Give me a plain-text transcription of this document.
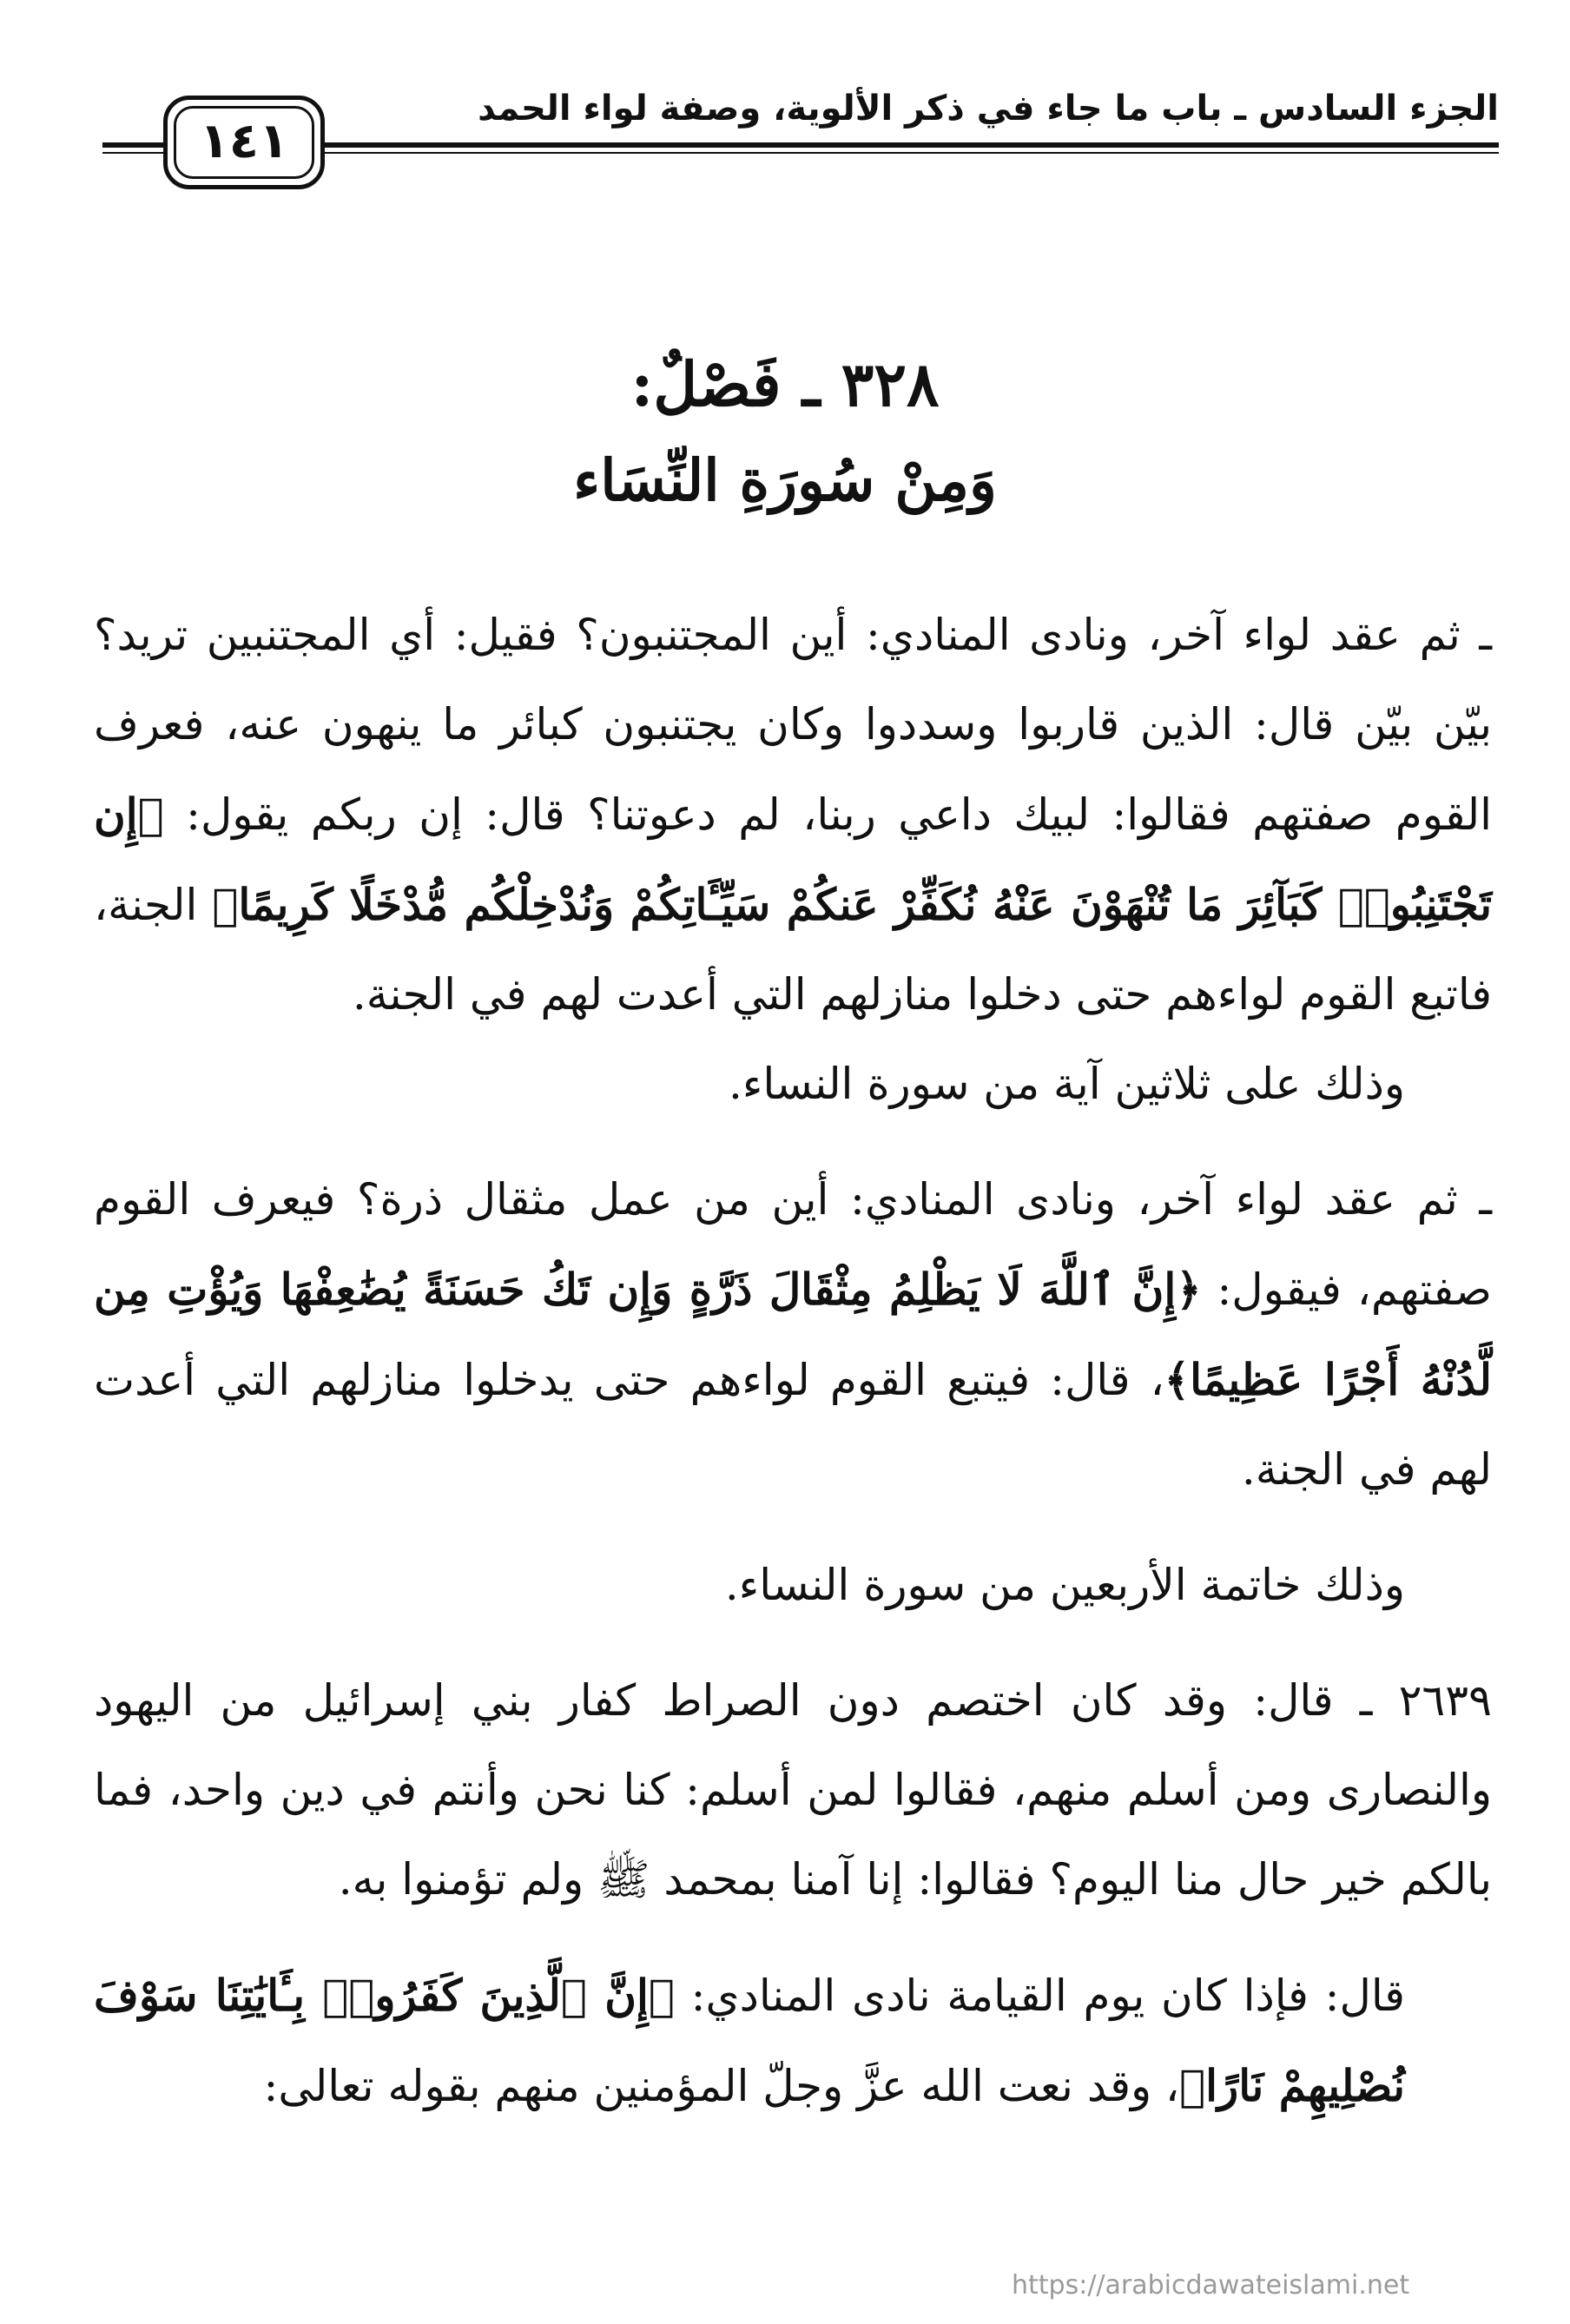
الجزء السادس ـ باب ما جاء في ذكر الألوية، وصفة لواء الحمد
١٤١
٣٢٨ ـ فَصْلٌ:
وَمِنْ سُورَةِ النِّسَاء

ـ ثم عقد لواء آخر، ونادى المنادي: أين المجتنبون؟ فقيل: أي المجتنبين تريد؟ بيّن بيّن قال: الذين قاربوا وسددوا وكان يجتنبون كبائر ما ينهون عنه، فعرف القوم صفتهم فقالوا: لبيك داعي ربنا، لم دعوتنا؟ قال: إن ربكم يقول: ﴿إِن تَجْتَنِبُوا۟ كَبَآئِرَ مَا تُنْهَوْنَ عَنْهُ نُكَفِّرْ عَنكُمْ سَيِّـَٔاتِكُمْ وَنُدْخِلْكُم مُّدْخَلًا كَرِيمًا﴾ الجنة، فاتبع القوم لواءهم حتى دخلوا منازلهم التي أعدت لهم في الجنة.

وذلك على ثلاثين آية من سورة النساء.

ـ ثم عقد لواء آخر، ونادى المنادي: أين من عمل مثقال ذرة؟ فيعرف القوم صفتهم، فيقول: ﴿إِنَّ ٱللَّهَ لَا يَظْلِمُ مِثْقَالَ ذَرَّةٍ وَإِن تَكُ حَسَنَةً يُضَٰعِفْهَا وَيُؤْتِ مِن لَّدُنْهُ أَجْرًا عَظِيمًا﴾، قال: فيتبع القوم لواءهم حتى يدخلوا منازلهم التي أعدت لهم في الجنة.

وذلك خاتمة الأربعين من سورة النساء.

٢٦٣٩ ـ قال: وقد كان اختصم دون الصراط كفار بني إسرائيل من اليهود والنصارى ومن أسلم منهم، فقالوا لمن أسلم: كنا نحن وأنتم في دين واحد، فما بالكم خير حال منا اليوم؟ فقالوا: إنا آمنا بمحمد ﷺ ولم تؤمنوا به.

قال: فإذا كان يوم القيامة نادى المنادي: ﴿إِنَّ ٱلَّذِينَ كَفَرُوا۟ بِـَٔايَٰتِنَا سَوْفَ نُصْلِيهِمْ نَارًا﴾، وقد نعت الله عزَّ وجلّ المؤمنين منهم بقوله تعالى:

https://arabicdawateislami.net
